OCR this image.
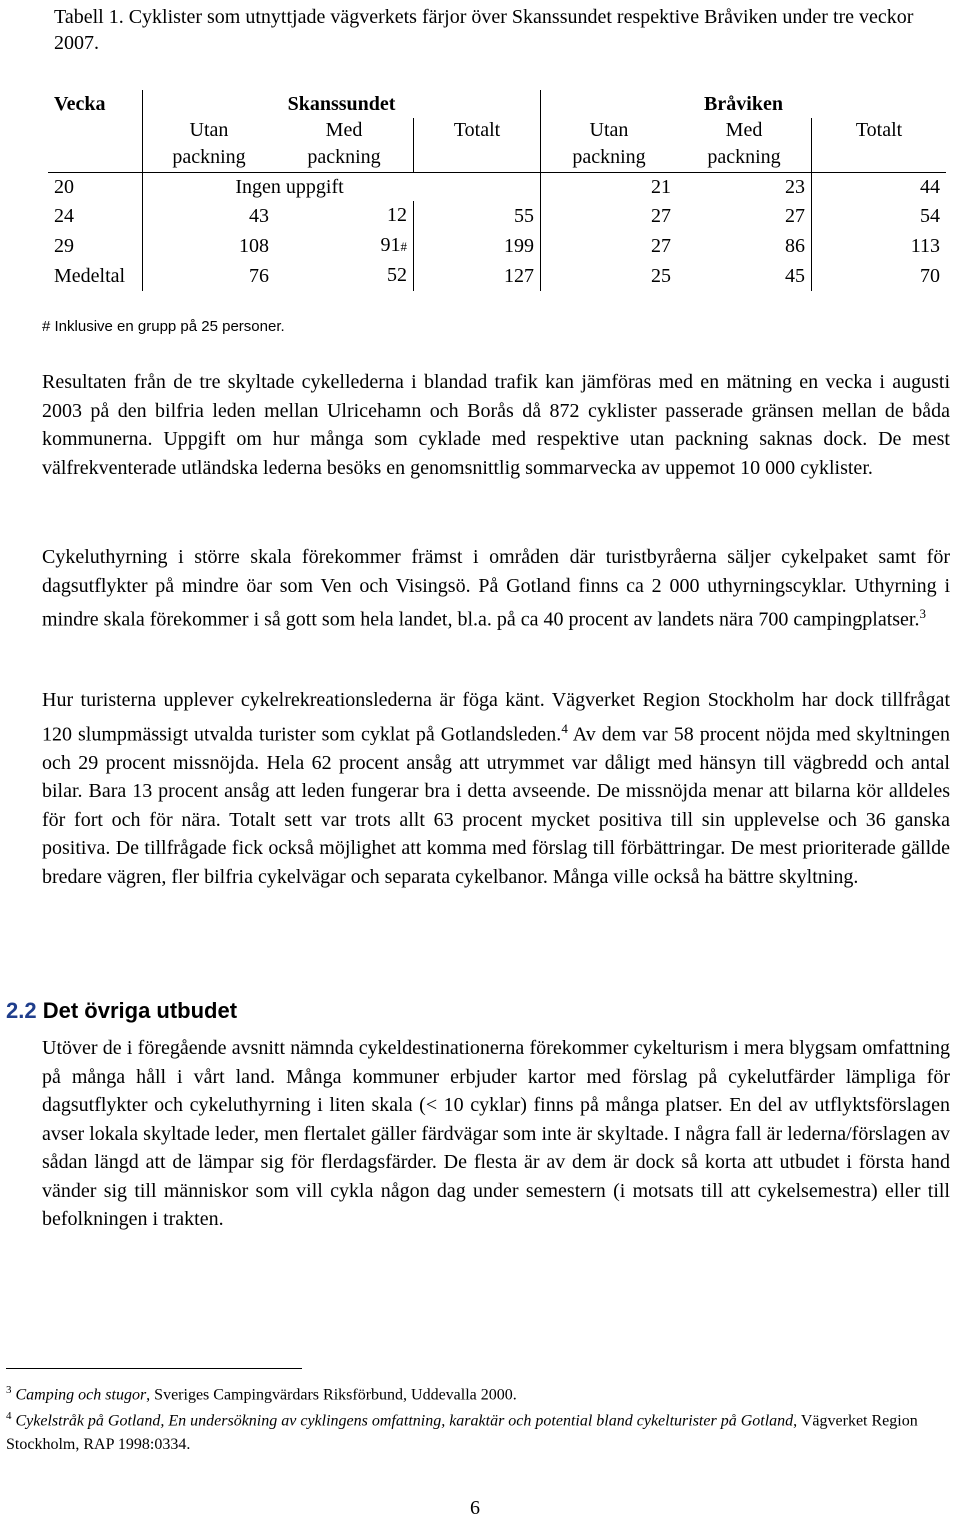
Tabell 1. Cyklister som utnyttjade vägverkets färjor över Skanssundet respektive Bråviken under tre veckor 2007.
Vecka	Skanssundet			Bråviken		
	Utan	Med	Totalt	Utan	Med	Totalt
	packning	packning		packning	packning	
20	Ingen uppgift			21	23	44
24	43	12	55	27	27	54
29	108	91#	199	27	86	113
Medeltal	76	52	127	25	45	70
# Inklusive en grupp på 25 personer.
Resultaten från de tre skyltade cykellederna i blandad trafik kan jämföras med en mätning en vecka i augusti 2003 på den bilfria leden mellan Ulricehamn och Borås då 872 cyklister passerade gränsen mellan de båda kommunerna. Uppgift om hur många som cyklade med respektive utan packning saknas dock. De mest välfrekventerade utländska lederna besöks en genomsnittlig sommarvecka av uppemot 10 000 cyklister.
Cykeluthyrning i större skala förekommer främst i områden där turistbyråerna säljer cykelpaket samt för dagsutflykter på mindre öar som Ven och Visingsö. På Gotland finns ca 2 000 uthyrningscyklar. Uthyrning i mindre skala förekommer i så gott som hela landet, bl.a. på ca 40 procent av landets nära 700 campingplatser.$^3$
Hur turisterna upplever cykelrekreationslederna är föga känt. Vägverket Region Stockholm har dock tillfrågat 120 slumpmässigt utvalda turister som cyklat på Gotlandsleden.$^4$ Av dem var 58 procent nöjda med skyltningen och 29 procent missnöjda. Hela 62 procent ansåg att utrymmet var dåligt med hänsyn till vägbredd och antal bilar. Bara 13 procent ansåg att leden fungerar bra i detta avseende. De missnöjda menar att bilarna kör alldeles för fort och för nära. Totalt sett var trots allt 63 procent mycket positiva till sin upplevelse och 36 ganska positiva. De tillfrågade fick också möjlighet att komma med förslag till förbättringar. De mest prioriterade gällde bredare vägren, fler bilfria cykelvägar och separata cykelbanor. Många ville också ha bättre skyltning.
2.2 Det övriga utbudet
Utöver de i föregående avsnitt nämnda cykeldestinationerna förekommer cykelturism i mera blygsam omfattning på många håll i vårt land. Många kommuner erbjuder kartor med förslag på cykelutfärder lämpliga för dagsutflykter och cykeluthyrning i liten skala (< 10 cyklar) finns på många platser. En del av utflyktsförslagen avser lokala skyltade leder, men flertalet gäller färdvägar som inte är skyltade. I några fall är lederna/förslagen av sådan längd att de lämpar sig för flerdagsfärder. De flesta är av dem är dock så korta att utbudet i första hand vänder sig till människor som vill cykla någon dag under semestern (i motsats till att cykelsemestra) eller till befolkningen i trakten.
$^3$ Camping och stugor, Sveriges Campingvärdars Riksförbund, Uddevalla 2000.
$^4$ Cykelstråk på Gotland, En undersökning av cyklingens omfattning, karaktär och potential bland cykelturister på Gotland, Vägverket Region Stockholm, RAP 1998:0334.
6
